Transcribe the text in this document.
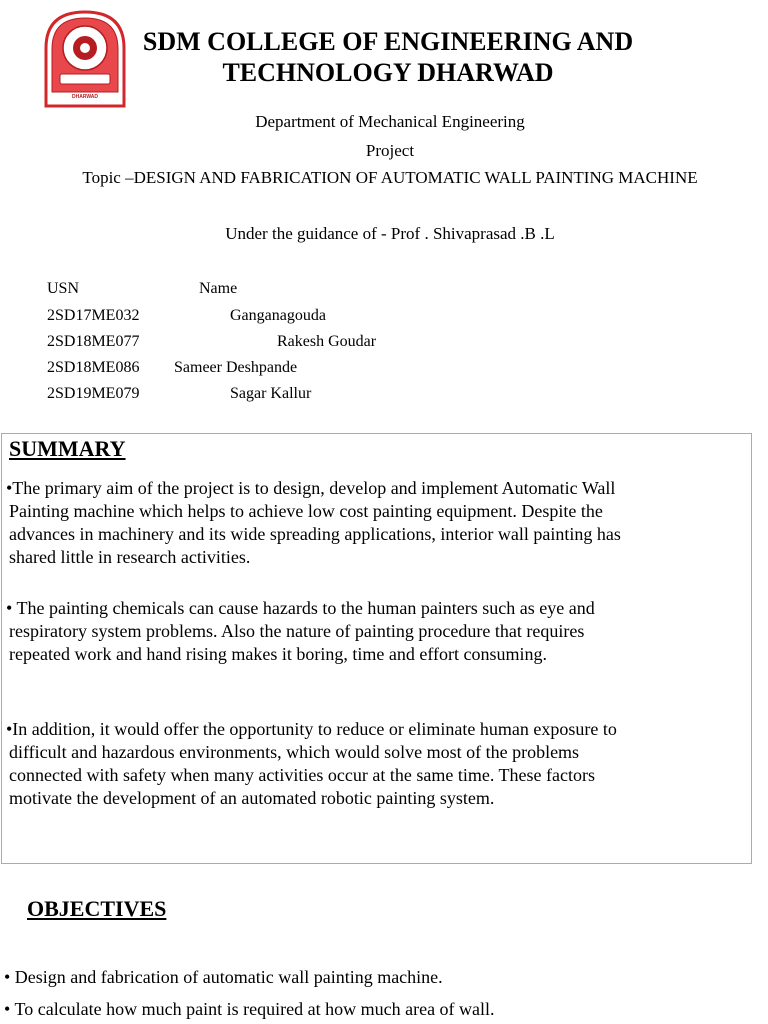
DHARWAD
SDM COLLEGE OF ENGINEERING AND
TECHNOLOGY DHARWAD
Department of Mechanical Engineering
Project
Topic –DESIGN AND FABRICATION OF AUTOMATIC WALL PAINTING MACHINE
Under the guidance of - Prof . Shivaprasad .B .L
USN	Name
2SD17ME032	Ganganagouda
2SD18ME077	Rakesh Goudar
2SD18ME086 Sameer Deshpande
2SD19ME079	Sagar Kallur
SUMMARY
•The primary aim of the project is to design, develop and implement Automatic Wall
Painting machine which helps to achieve low cost painting equipment. Despite the
advances in machinery and its wide spreading applications, interior wall painting has
shared little in research activities.
• The painting chemicals can cause hazards to the human painters such as eye and
respiratory system problems. Also the nature of painting procedure that requires
repeated work and hand rising makes it boring, time and effort consuming.
•In addition, it would offer the opportunity to reduce or eliminate human exposure to
difficult and hazardous environments, which would solve most of the problems
connected with safety when many activities occur at the same time. These factors
motivate the development of an automated robotic painting system.
OBJECTIVES
• Design and fabrication of automatic wall painting machine.
• To calculate how much paint is required at how much area of wall.
